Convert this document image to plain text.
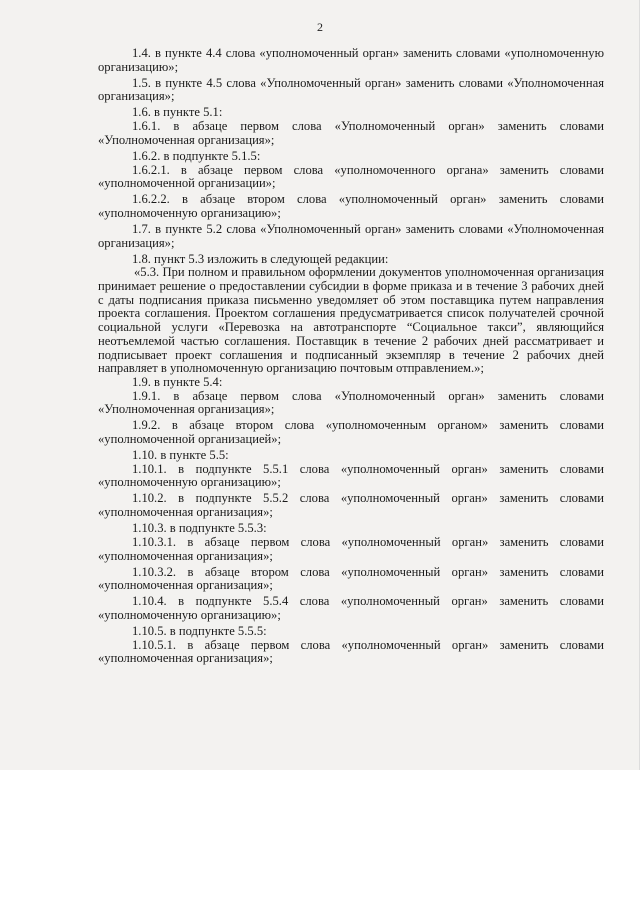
2

1.4. в пункте 4.4 слова «уполномоченный орган» заменить словами «уполномоченную организацию»;

1.5. в пункте 4.5 слова «Уполномоченный орган» заменить словами «Уполномоченная организация»;

1.6. в пункте 5.1:

1.6.1. в абзаце первом слова «Уполномоченный орган» заменить словами «Уполномоченная организация»;

1.6.2. в подпункте 5.1.5:

1.6.2.1. в абзаце первом слова «уполномоченного органа» заменить словами «уполномоченной организации»;

1.6.2.2. в абзаце втором слова «уполномоченный орган» заменить словами «уполномоченную организацию»;

1.7. в пункте 5.2 слова «Уполномоченный орган» заменить словами «Уполномоченная организация»;

1.8. пункт 5.3 изложить в следующей редакции:

«5.3. При полном и правильном оформлении документов уполномоченная организация принимает решение о предоставлении субсидии в форме приказа и в течение 3 рабочих дней с даты подписания приказа письменно уведомляет об этом поставщика путем направления проекта соглашения. Проектом соглашения предусматривается список получателей срочной социальной услуги «Перевозка на автотранспорте “Социальное такси”, являющийся неотъемлемой частью соглашения. Поставщик в течение 2 рабочих дней рассматривает и подписывает проект соглашения и подписанный экземпляр в течение 2 рабочих дней направляет в уполномоченную организацию почтовым отправлением.»;

1.9. в пункте 5.4:

1.9.1. в абзаце первом слова «Уполномоченный орган» заменить словами «Уполномоченная организация»;

1.9.2. в абзаце втором слова «уполномоченным органом» заменить словами «уполномоченной организацией»;

1.10. в пункте 5.5:

1.10.1. в подпункте 5.5.1 слова «уполномоченный орган» заменить словами «уполномоченную организацию»;

1.10.2. в подпункте 5.5.2 слова «уполномоченный орган» заменить словами «уполномоченная организация»;

1.10.3. в подпункте 5.5.3:

1.10.3.1. в абзаце первом слова «уполномоченный орган» заменить словами «уполномоченная организация»;

1.10.3.2. в абзаце втором слова «уполномоченный орган» заменить словами «уполномоченная организация»;

1.10.4. в подпункте 5.5.4 слова «уполномоченный орган» заменить словами «уполномоченную организацию»;

1.10.5. в подпункте 5.5.5:

1.10.5.1. в абзаце первом слова «уполномоченный орган» заменить словами «уполномоченная организация»;
